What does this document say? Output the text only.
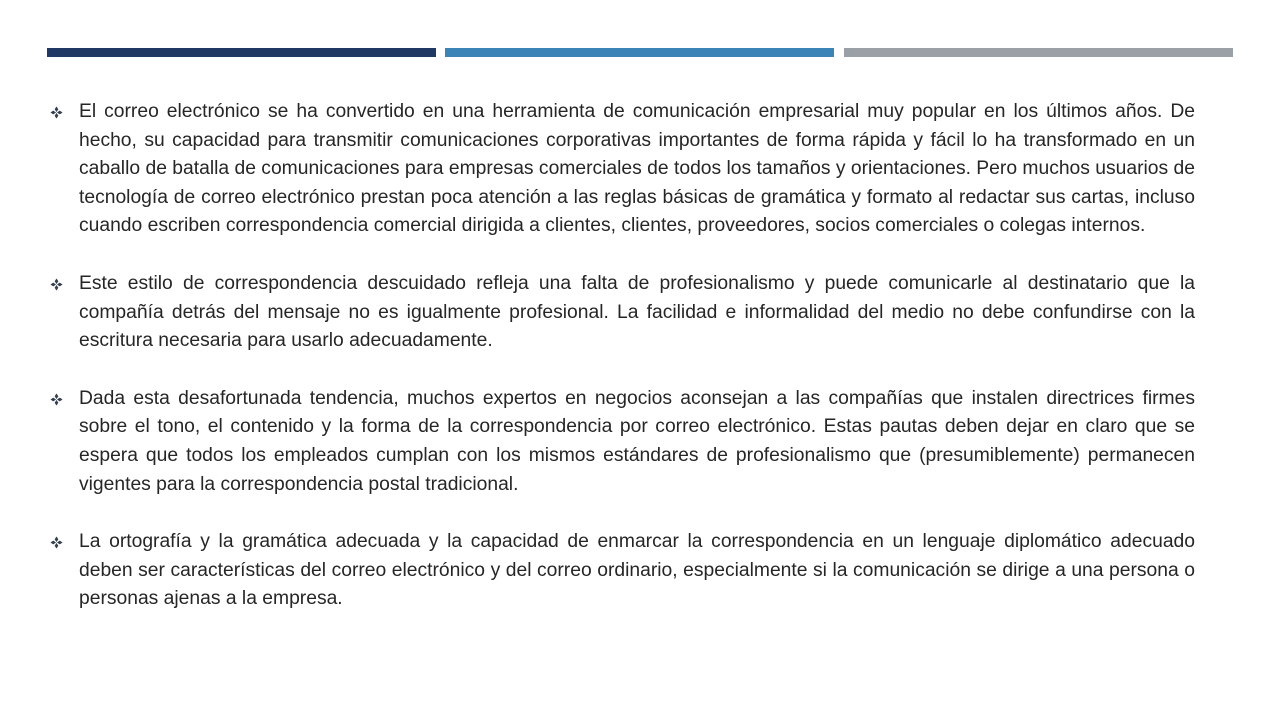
El correo electrónico se ha convertido en una herramienta de comunicación empresarial muy popular en los últimos años. De hecho, su capacidad para transmitir comunicaciones corporativas importantes de forma rápida y fácil lo ha transformado en un caballo de batalla de comunicaciones para empresas comerciales de todos los tamaños y orientaciones. Pero muchos usuarios de tecnología de correo electrónico prestan poca atención a las reglas básicas de gramática y formato al redactar sus cartas, incluso cuando escriben correspondencia comercial dirigida a clientes, clientes, proveedores, socios comerciales o colegas internos.

Este estilo de correspondencia descuidado refleja una falta de profesionalismo y puede comunicarle al destinatario que la compañía detrás del mensaje no es igualmente profesional. La facilidad e informalidad del medio no debe confundirse con la escritura necesaria para usarlo adecuadamente.

Dada esta desafortunada tendencia, muchos expertos en negocios aconsejan a las compañías que instalen directrices firmes sobre el tono, el contenido y la forma de la correspondencia por correo electrónico. Estas pautas deben dejar en claro que se espera que todos los empleados cumplan con los mismos estándares de profesionalismo que (presumiblemente) permanecen vigentes para la correspondencia postal tradicional.

La ortografía y la gramática adecuada y la capacidad de enmarcar la correspondencia en un lenguaje diplomático adecuado deben ser características del correo electrónico y del correo ordinario, especialmente si la comunicación se dirige a una persona o personas ajenas a la empresa.
